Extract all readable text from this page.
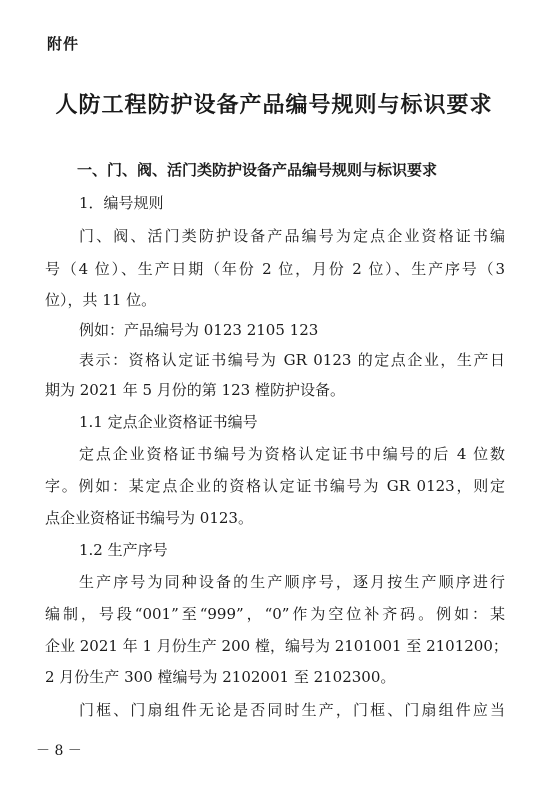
附件
人防工程防护设备产品编号规则与标识要求
一、门、阀、活门类防护设备产品编号规则与标识要求
1．编号规则
门、阀、活门类防护设备产品编号为定点企业资格证书编
号（4 位）、生产日期（年份 2 位，月份 2 位）、生产序号（3
位），共 11 位。
例如：产品编号为 0123 2105 123
表示：资格认定证书编号为 GR 0123 的定点企业，生产日
期为 2021 年 5 月份的第 123 樘防护设备。
1.1 定点企业资格证书编号
定点企业资格证书编号为资格认定证书中编号的后 4 位数
字。例如：某定点企业的资格认定证书编号为 GR 0123，则定
点企业资格证书编号为 0123。
1.2 生产序号
生产序号为同种设备的生产顺序号，逐月按生产顺序进行
编制，号段“001”至“999”，“0”作为空位补齐码。例如：某
企业 2021 年 1 月份生产 200 樘，编号为 2101001 至 2101200；
2 月份生产 300 樘编号为 2102001 至 2102300。
门框、门扇组件无论是否同时生产，门框、门扇组件应当
－ 8 －
